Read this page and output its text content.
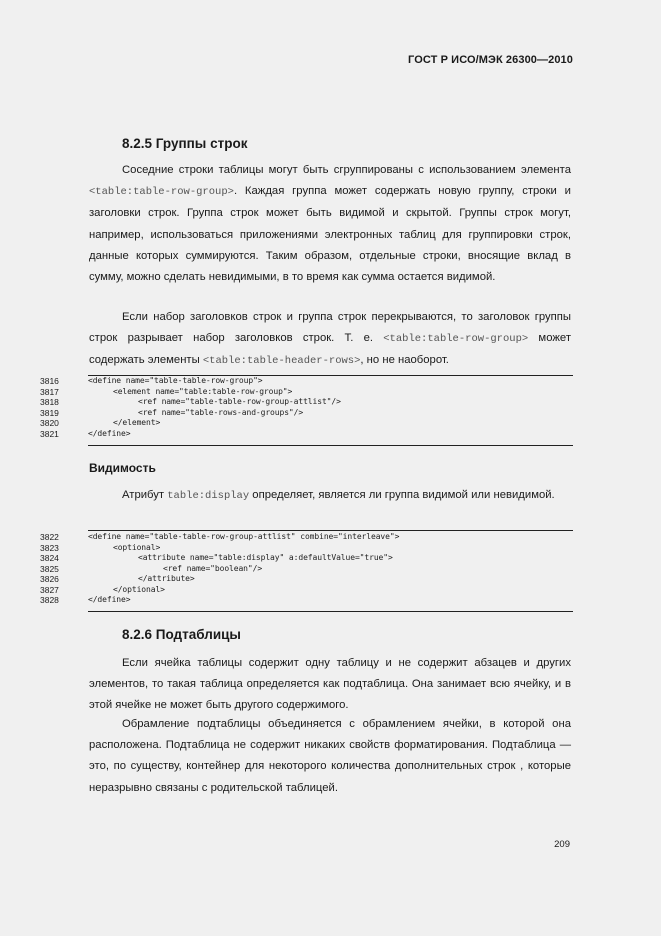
ГОСТ Р ИСО/МЭК 26300—2010
8.2.5 Группы строк
Соседние строки таблицы могут быть сгруппированы с использованием элемента <table:table-row-group>. Каждая группа может содержать новую группу, строки и заголовки строк. Группа строк может быть видимой и скрытой. Группы строк могут, например, использоваться приложениями электронных таблиц для группировки строк, данные которых суммируются. Таким образом, отдельные строки, вносящие вклад в сумму, можно сделать невидимыми, в то время как сумма остается видимой.
Если набор заголовков строк и группа строк перекрываются, то заголовок группы строк разрывает набор заголовков строк. Т. е. <table:table-row-group> может содержать элементы <table:table-header-rows>, но не наоборот.
3816	<define name="table-table-row-group">
3817	<element name="table:table-row-group">
3818	<ref name="table-table-row-group-attlist"/>
3819	<ref name="table-rows-and-groups"/>
3820	</element>
3821	</define>
Видимость
Атрибут table:display определяет, является ли группа видимой или невидимой.
3822	<define name="table-table-row-group-attlist" combine="interleave">
3823	<optional>
3824	<attribute name="table:display" a:defaultValue="true">
3825	<ref name="boolean"/>
3826	</attribute>
3827	</optional>
3828	</define>
8.2.6 Подтаблицы
Если ячейка таблицы содержит одну таблицу и не содержит абзацев и других элементов, то такая таблица определяется как подтаблица. Она занимает всю ячейку, и в этой ячейке не может быть другого содержимого.
Обрамление подтаблицы объединяется с обрамлением ячейки, в которой она расположена. Подтаблица не содержит никаких свойств форматирования. Подтаблица — это, по существу, контейнер для некоторого количества дополнительных строк , которые неразрывно связаны с родительской таблицей.
209
